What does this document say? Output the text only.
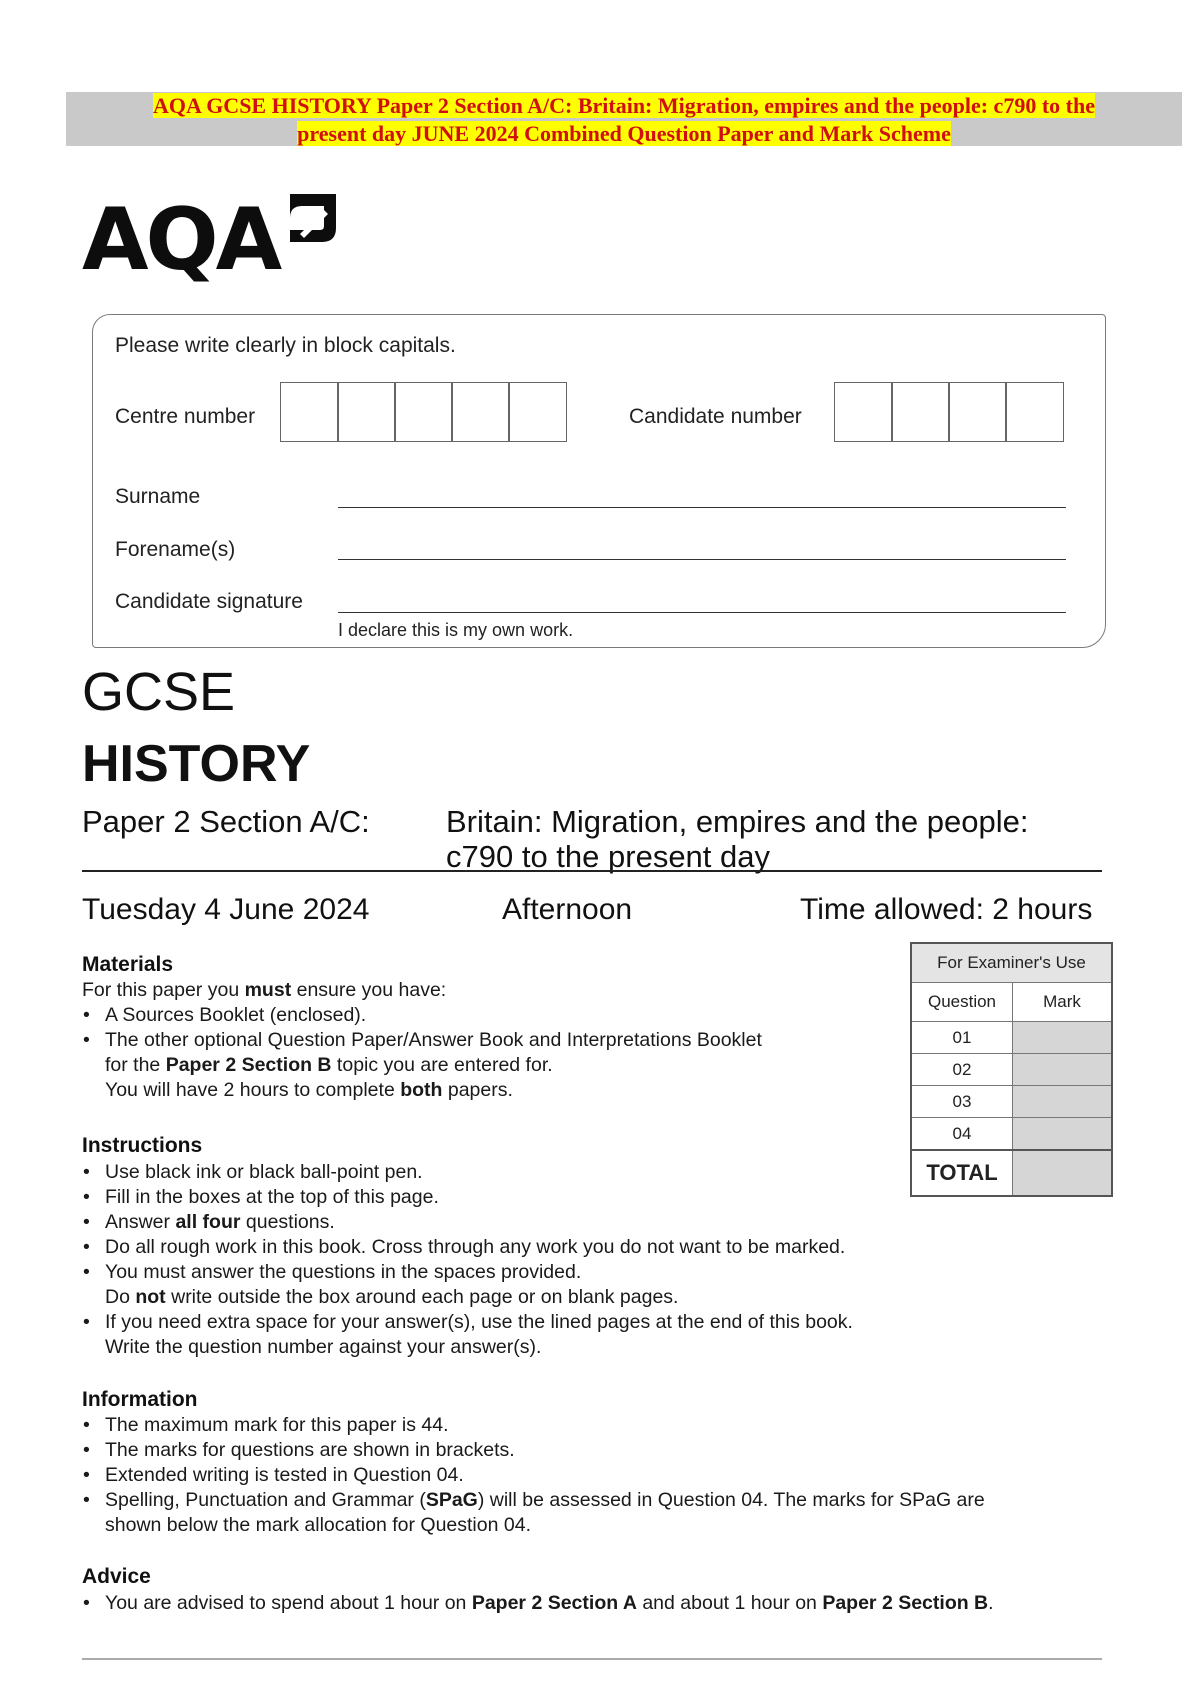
AQA GCSE HISTORY Paper 2 Section A/C: Britain: Migration, empires and the people: c790 to the
present day JUNE 2024 Combined Question Paper and Mark Scheme
AQA
Please write clearly in block capitals.
Centre number	Candidate number
Surname
Forename(s)
Candidate signature
I declare this is my own work.
GCSE
HISTORY
Paper 2 Section A/C: Britain: Migration, empires and the people:
c790 to the present day
Tuesday 4 June 2024	Afternoon	Time allowed: 2 hours
For Examiner's Use	
Question	Mark
01	
02	
03	
04	
TOTAL	
Materials
For this paper you must ensure you have:
• A Sources Booklet (enclosed).
• The other optional Question Paper/Answer Book and Interpretations Booklet
for the Paper 2 Section B topic you are entered for.
You will have 2 hours to complete both papers.
Instructions
• Use black ink or black ball-point pen.
• Fill in the boxes at the top of this page.
• Answer all four questions.
• Do all rough work in this book. Cross through any work you do not want to be marked.
• You must answer the questions in the spaces provided.
Do not write outside the box around each page or on blank pages.
• If you need extra space for your answer(s), use the lined pages at the end of this book.
Write the question number against your answer(s).
Information
• The maximum mark for this paper is 44.
• The marks for questions are shown in brackets.
• Extended writing is tested in Question 04.
• Spelling, Punctuation and Grammar (SPaG) will be assessed in Question 04. The marks for SPaG are
shown below the mark allocation for Question 04.
Advice
• You are advised to spend about 1 hour on Paper 2 Section A and about 1 hour on Paper 2 Section B.
